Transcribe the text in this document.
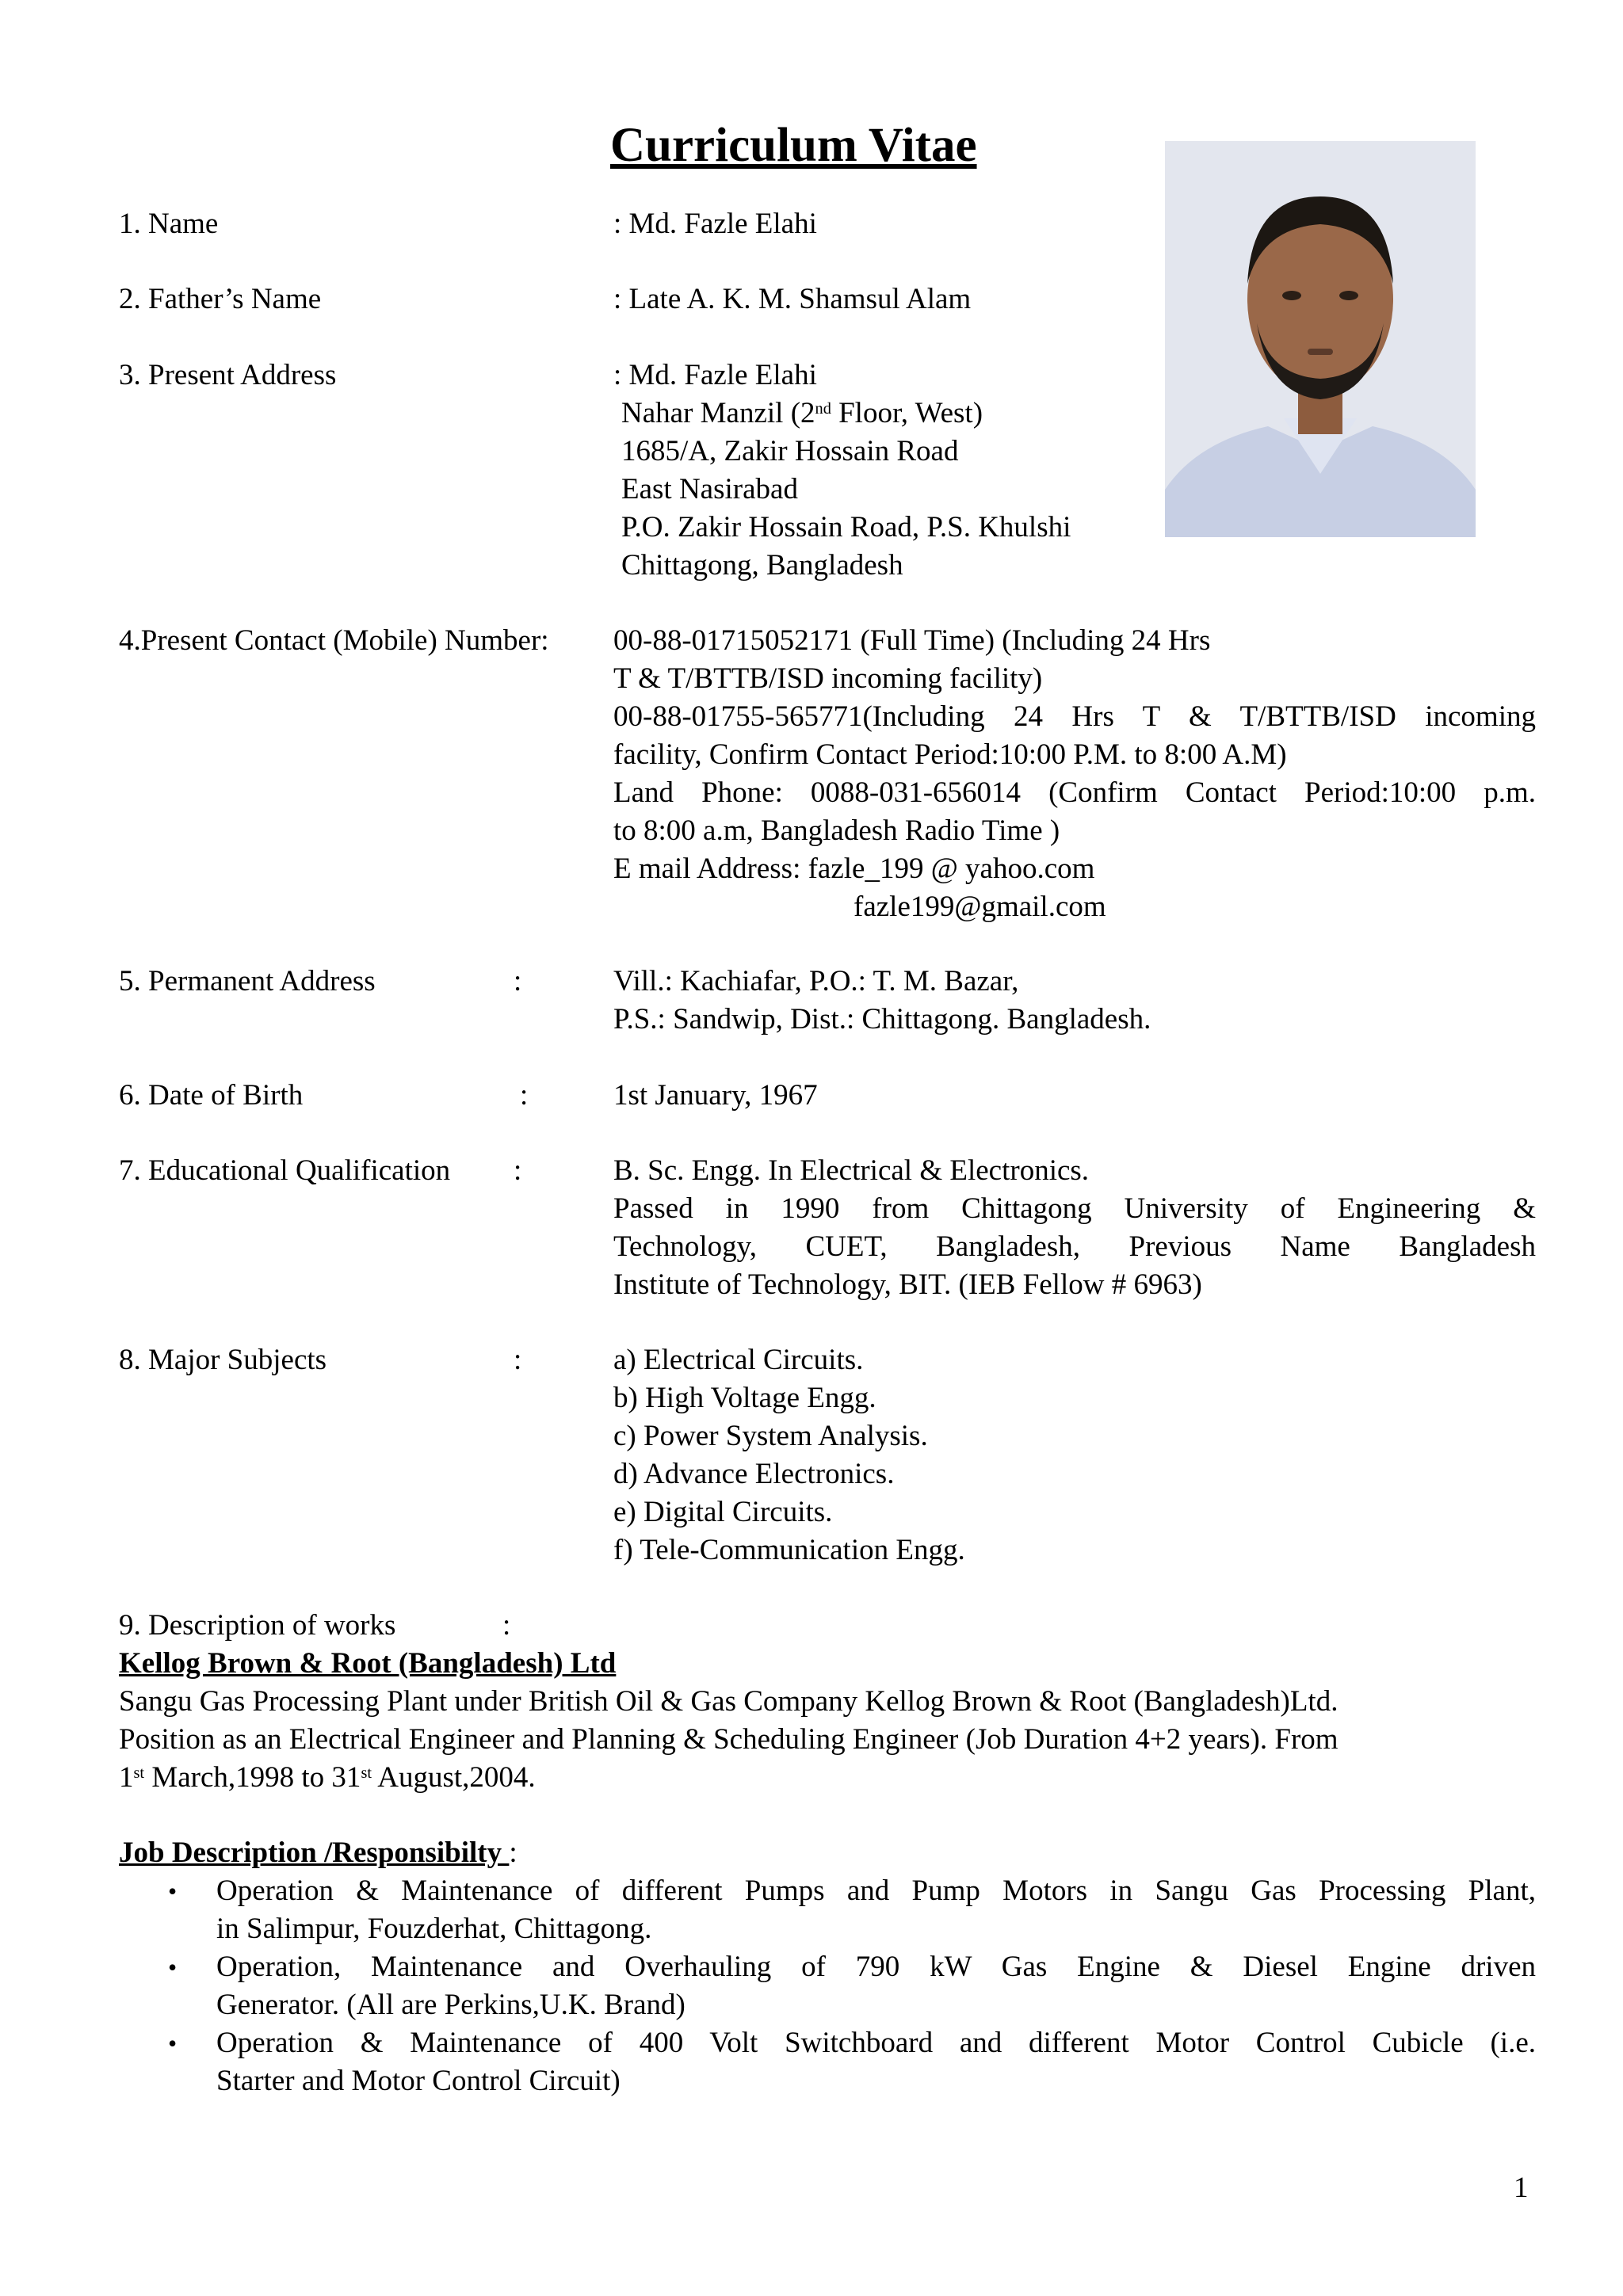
Curriculum Vitae

1. Name	: Md. Fazle Elahi

2. Father’s Name	: Late A. K. M. Shamsul Alam

3. Present Address	: Md. Fazle Elahi

Nahar Manzil (2nd Floor, West)

1685/A, Zakir Hossain Road

East Nasirabad

P.O. Zakir Hossain Road, P.S. Khulshi

Chittagong, Bangladesh

4.Present Contact (Mobile) Number: 00-88-01715052171 (Full Time) (Including 24 Hrs

T & T/BTTB/ISD incoming facility)

00-88-01755-565771(Including 24 Hrs T & T/BTTB/ISD incoming

facility, Confirm Contact Period:10:00 P.M. to 8:00 A.M)

Land Phone: 0088-031-656014 (Confirm Contact Period:10:00 p.m.

to 8:00 a.m, Bangladesh Radio Time )

E mail Address: fazle_199 @ yahoo.com

fazle199@gmail.com

5. Permanent Address	:	Vill.: Kachiafar, P.O.: T. M. Bazar,

P.S.: Sandwip, Dist.: Chittagong. Bangladesh.

6. Date of Birth	:	1st January, 1967

7. Educational Qualification :	B. Sc. Engg. In Electrical & Electronics.

Passed in 1990 from Chittagong University of Engineering &

Technology, CUET, Bangladesh, Previous Name Bangladesh

Institute of Technology, BIT. (IEB Fellow # 6963)

8. Major Subjects	:	a) Electrical Circuits.

b) High Voltage Engg.

c) Power System Analysis.

d) Advance Electronics.

e) Digital Circuits.

f) Tele-Communication Engg.

9. Description of works	:

Kellog Brown & Root (Bangladesh) Ltd

Sangu Gas Processing Plant under British Oil & Gas Company Kellog Brown & Root (Bangladesh)Ltd.

Position as an Electrical Engineer and Planning & Scheduling Engineer (Job Duration 4+2 years). From

1st March,1998 to 31st August,2004.

Job Description /Responsibilty :

• Operation & Maintenance of different Pumps and Pump Motors in Sangu Gas Processing Plant,

in Salimpur, Fouzderhat, Chittagong.

• Operation, Maintenance and Overhauling of 790 kW Gas Engine & Diesel Engine driven

Generator. (All are Perkins,U.K. Brand)

• Operation & Maintenance of 400 Volt Switchboard and different Motor Control Cubicle (i.e.

Starter and Motor Control Circuit)

1
